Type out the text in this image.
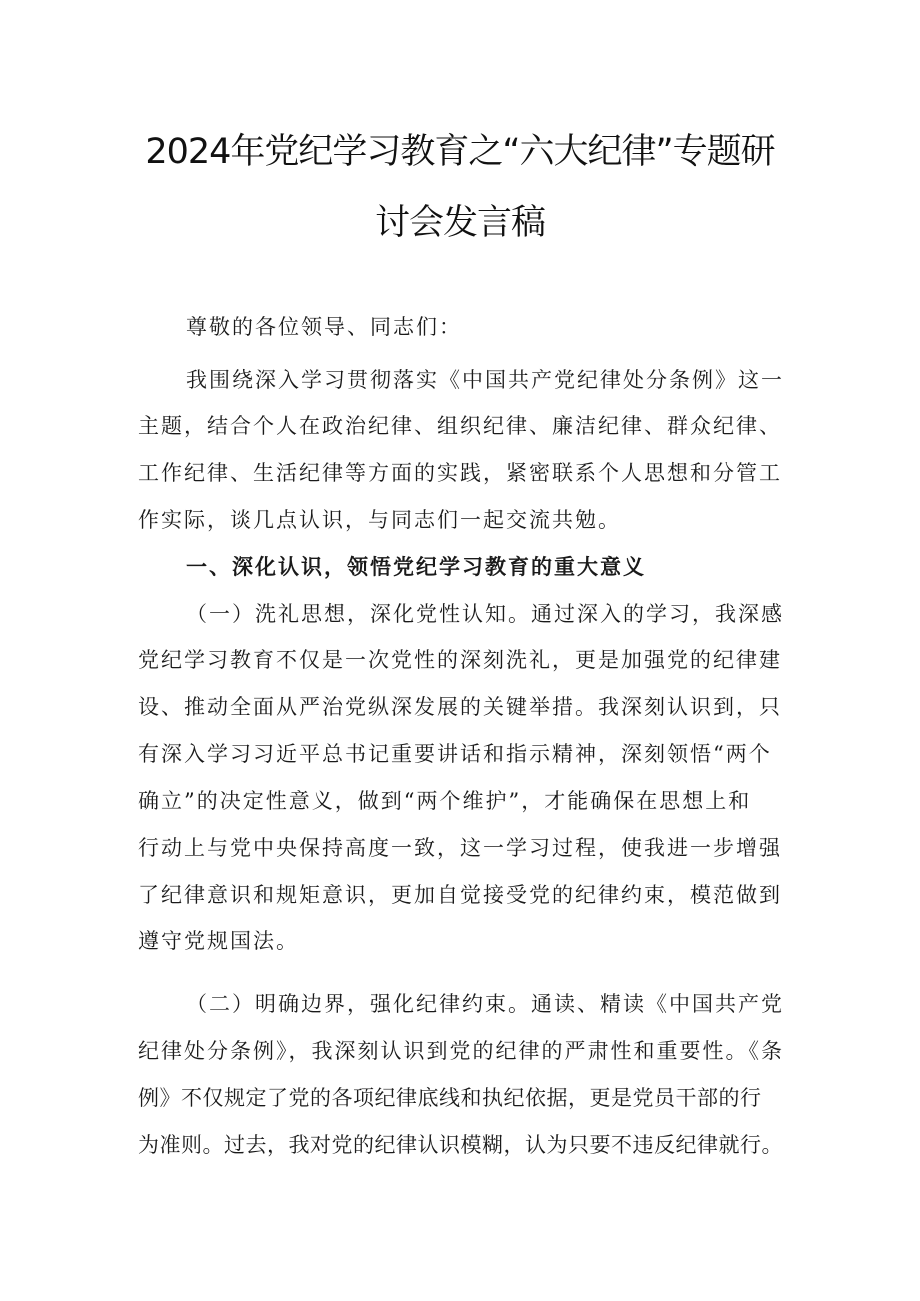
2024年党纪学习教育之“六大纪律”专题研
讨会发言稿

尊敬的各位领导、同志们：

我围绕深入学习贯彻落实《中国共产党纪律处分条例》这一

主题，结合个人在政治纪律、组织纪律、廉洁纪律、群众纪律、

工作纪律、生活纪律等方面的实践，紧密联系个人思想和分管工

作实际，谈几点认识，与同志们一起交流共勉。

一、深化认识，领悟党纪学习教育的重大意义

（一）洗礼思想，深化党性认知。通过深入的学习，我深感

党纪学习教育不仅是一次党性的深刻洗礼，更是加强党的纪律建

设、推动全面从严治党纵深发展的关键举措。我深刻认识到，只

有深入学习习近平总书记重要讲话和指示精神，深刻领悟“两个

确立”的决定性意义，做到“两个维护”，才能确保在思想上和

行动上与党中央保持高度一致，这一学习过程，使我进一步增强

了纪律意识和规矩意识，更加自觉接受党的纪律约束，模范做到

遵守党规国法。

（二）明确边界，强化纪律约束。通读、精读《中国共产党

纪律处分条例》，我深刻认识到党的纪律的严肃性和重要性。《条

例》不仅规定了党的各项纪律底线和执纪依据，更是党员干部的行

为准则。过去，我对党的纪律认识模糊，认为只要不违反纪律就行。
